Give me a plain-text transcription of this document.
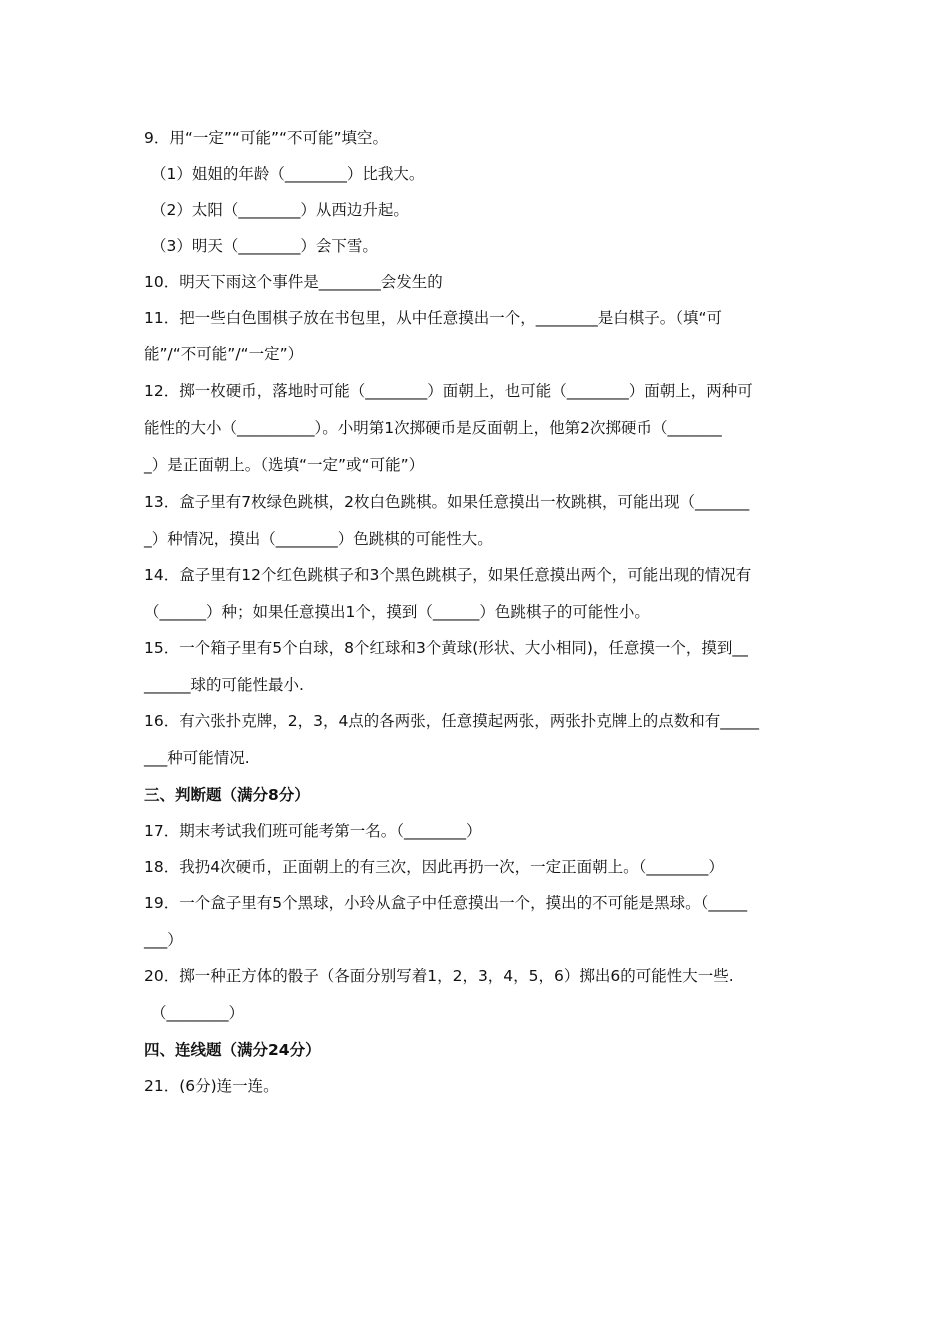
9．用“一定”“可能”“不可能”填空。
（1）姐姐的年龄（________）比我大。
（2）太阳（________）从西边升起。
（3）明天（________）会下雪。
10．明天下雨这个事件是________会发生的
11．把一些白色围棋子放在书包里，从中任意摸出一个，________是白棋子。（填“可
能”/“不可能”/“一定”）
12．掷一枚硬币，落地时可能（________）面朝上，也可能（________）面朝上，两种可
能性的大小（__________）。小明第1次掷硬币是反面朝上，他第2次掷硬币（_______
_）是正面朝上。（选填“一定”或“可能”）
13．盒子里有7枚绿色跳棋，2枚白色跳棋。如果任意摸出一枚跳棋，可能出现（_______
_）种情况，摸出（________）色跳棋的可能性大。
14．盒子里有12个红色跳棋子和3个黑色跳棋子，如果任意摸出两个，可能出现的情况有
（______）种；如果任意摸出1个，摸到（______）色跳棋子的可能性小。
15．一个箱子里有5个白球，8个红球和3个黄球(形状、大小相同)，任意摸一个，摸到__
______球的可能性最小.
16．有六张扑克牌，2，3，4点的各两张，任意摸起两张，两张扑克牌上的点数和有_____
___种可能情况.
三、判断题（满分8分）
17．期末考试我们班可能考第一名。（________）
18．我扔4次硬币，正面朝上的有三次，因此再扔一次，一定正面朝上。（________）
19．一个盒子里有5个黑球，小玲从盒子中任意摸出一个，摸出的不可能是黑球。（_____
___）
20．掷一种正方体的骰子（各面分别写着1，2，3，4，5，6）掷出6的可能性大一些.
（________）
四、连线题（满分24分）
21．(6分)连一连。
